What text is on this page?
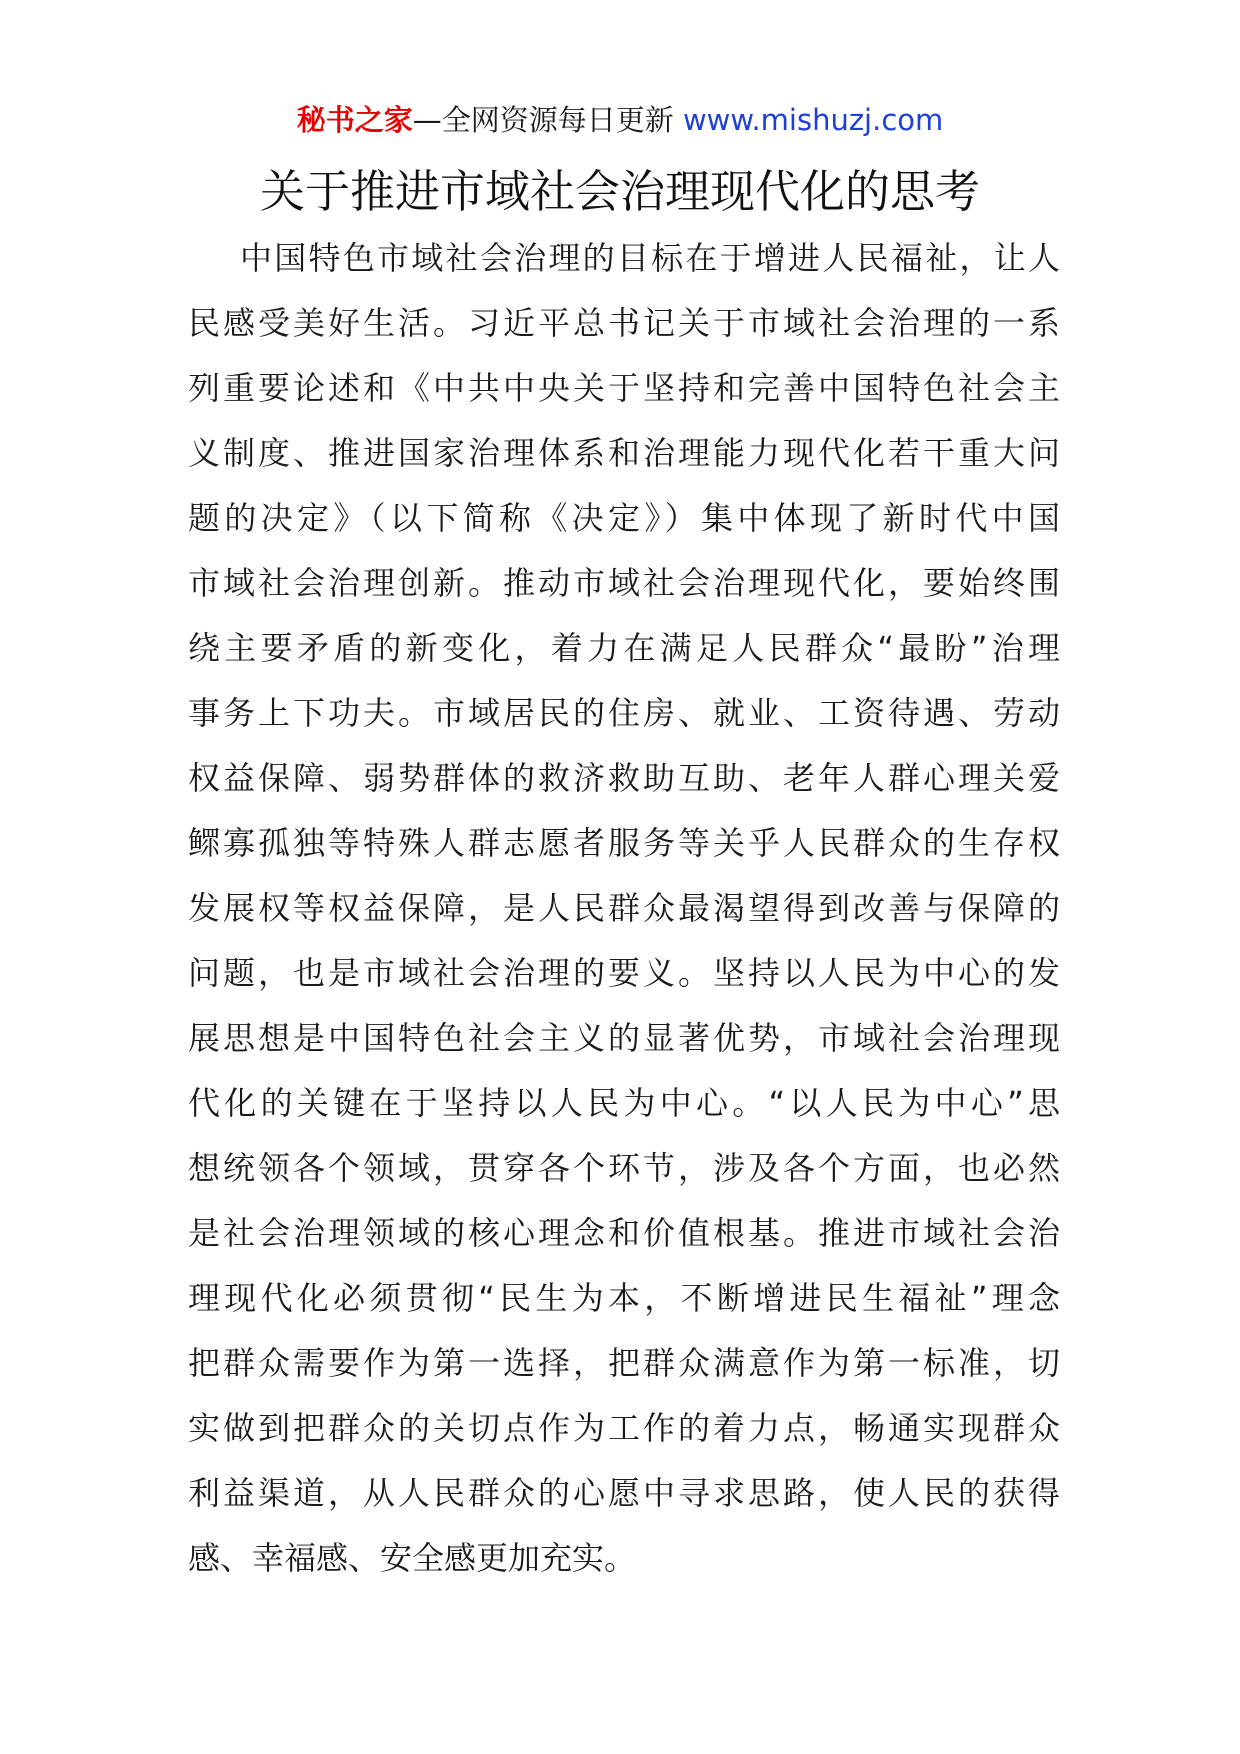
秘书之家—全网资源每日更新 www.mishuzj.com
关于推进市域社会治理现代化的思考
中国特色市域社会治理的目标在于增进人民福祉，让人
民感受美好生活。习近平总书记关于市域社会治理的一系
列重要论述和《中共中央关于坚持和完善中国特色社会主
义制度、推进国家治理体系和治理能力现代化若干重大问
题的决定》（以下简称《决定》）集中体现了新时代中国
市域社会治理创新。推动市域社会治理现代化，要始终围
绕主要矛盾的新变化，着力在满足人民群众“最盼”治理
事务上下功夫。市域居民的住房、就业、工资待遇、劳动
权益保障、弱势群体的救济救助互助、老年人群心理关爱
鳏寡孤独等特殊人群志愿者服务等关乎人民群众的生存权
发展权等权益保障，是人民群众最渴望得到改善与保障的
问题，也是市域社会治理的要义。坚持以人民为中心的发
展思想是中国特色社会主义的显著优势，市域社会治理现
代化的关键在于坚持以人民为中心。“以人民为中心”思
想统领各个领域，贯穿各个环节，涉及各个方面，也必然
是社会治理领域的核心理念和价值根基。推进市域社会治
理现代化必须贯彻“民生为本，不断增进民生福祉”理念
把群众需要作为第一选择，把群众满意作为第一标准，切
实做到把群众的关切点作为工作的着力点，畅通实现群众
利益渠道，从人民群众的心愿中寻求思路，使人民的获得
感、幸福感、安全感更加充实。
